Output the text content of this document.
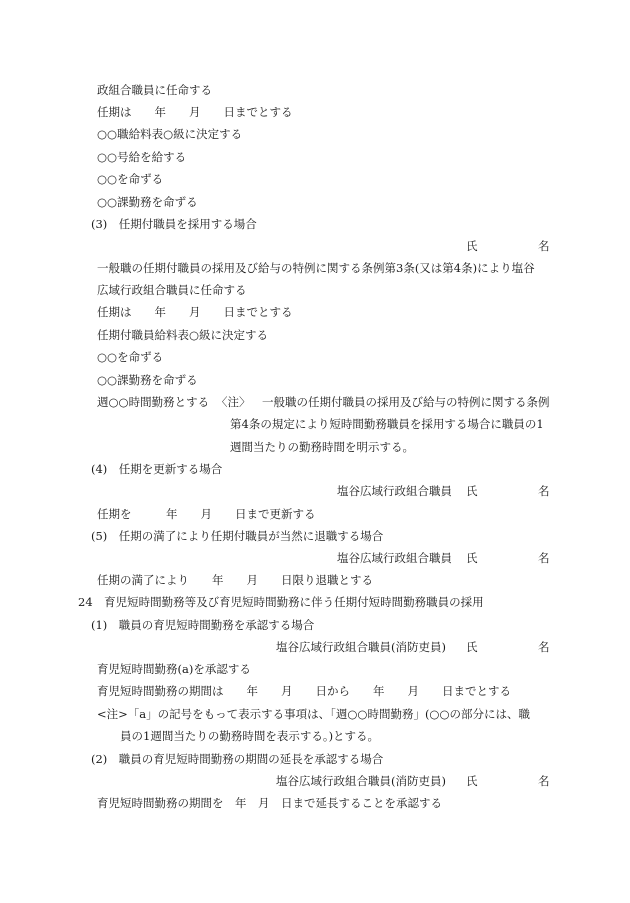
政組合職員に任命する
任期は　　年　　月　　日までとする
○○職給料表○級に決定する
○○号給を給する
○○を命ずる
○○課勤務を命ずる
(3)　任期付職員を採用する場合
氏	名
一般職の任期付職員の採用及び給与の特例に関する条例第3条(又は第4条)により塩谷
広域行政組合職員に任命する
任期は　　年　　月　　日までとする
任期付職員給料表○級に決定する
○○を命ずる
○○課勤務を命ずる
週○○時間勤務とする 〈注〉 一般職の任期付職員の採用及び給与の特例に関する条例
第4条の規定により短時間勤務職員を採用する場合に職員の1
週間当たりの勤務時間を明示する。
(4)　任期を更新する場合
塩谷広域行政組合職員 氏	名
任期を　　　年　　月　　日まで更新する
(5)　任期の満了により任期付職員が当然に退職する場合
塩谷広域行政組合職員 氏	名
任期の満了により　　年　　月　　日限り退職とする
24　育児短時間勤務等及び育児短時間勤務に伴う任期付短時間勤務職員の採用
(1)　職員の育児短時間勤務を承認する場合
塩谷広域行政組合職員(消防吏員) 氏	名
育児短時間勤務(a)を承認する
育児短時間勤務の期間は　　年　　月　　日から　　年　　月　　日までとする
<注>「a」の記号をもって表示する事項は、「週○○時間勤務」(○○の部分には、職
員の1週間当たりの勤務時間を表示する。)とする。
(2)　職員の育児短時間勤務の期間の延長を承認する場合
塩谷広域行政組合職員(消防吏員) 氏	名
育児短時間勤務の期間を　年　月　日まで延長することを承認する
